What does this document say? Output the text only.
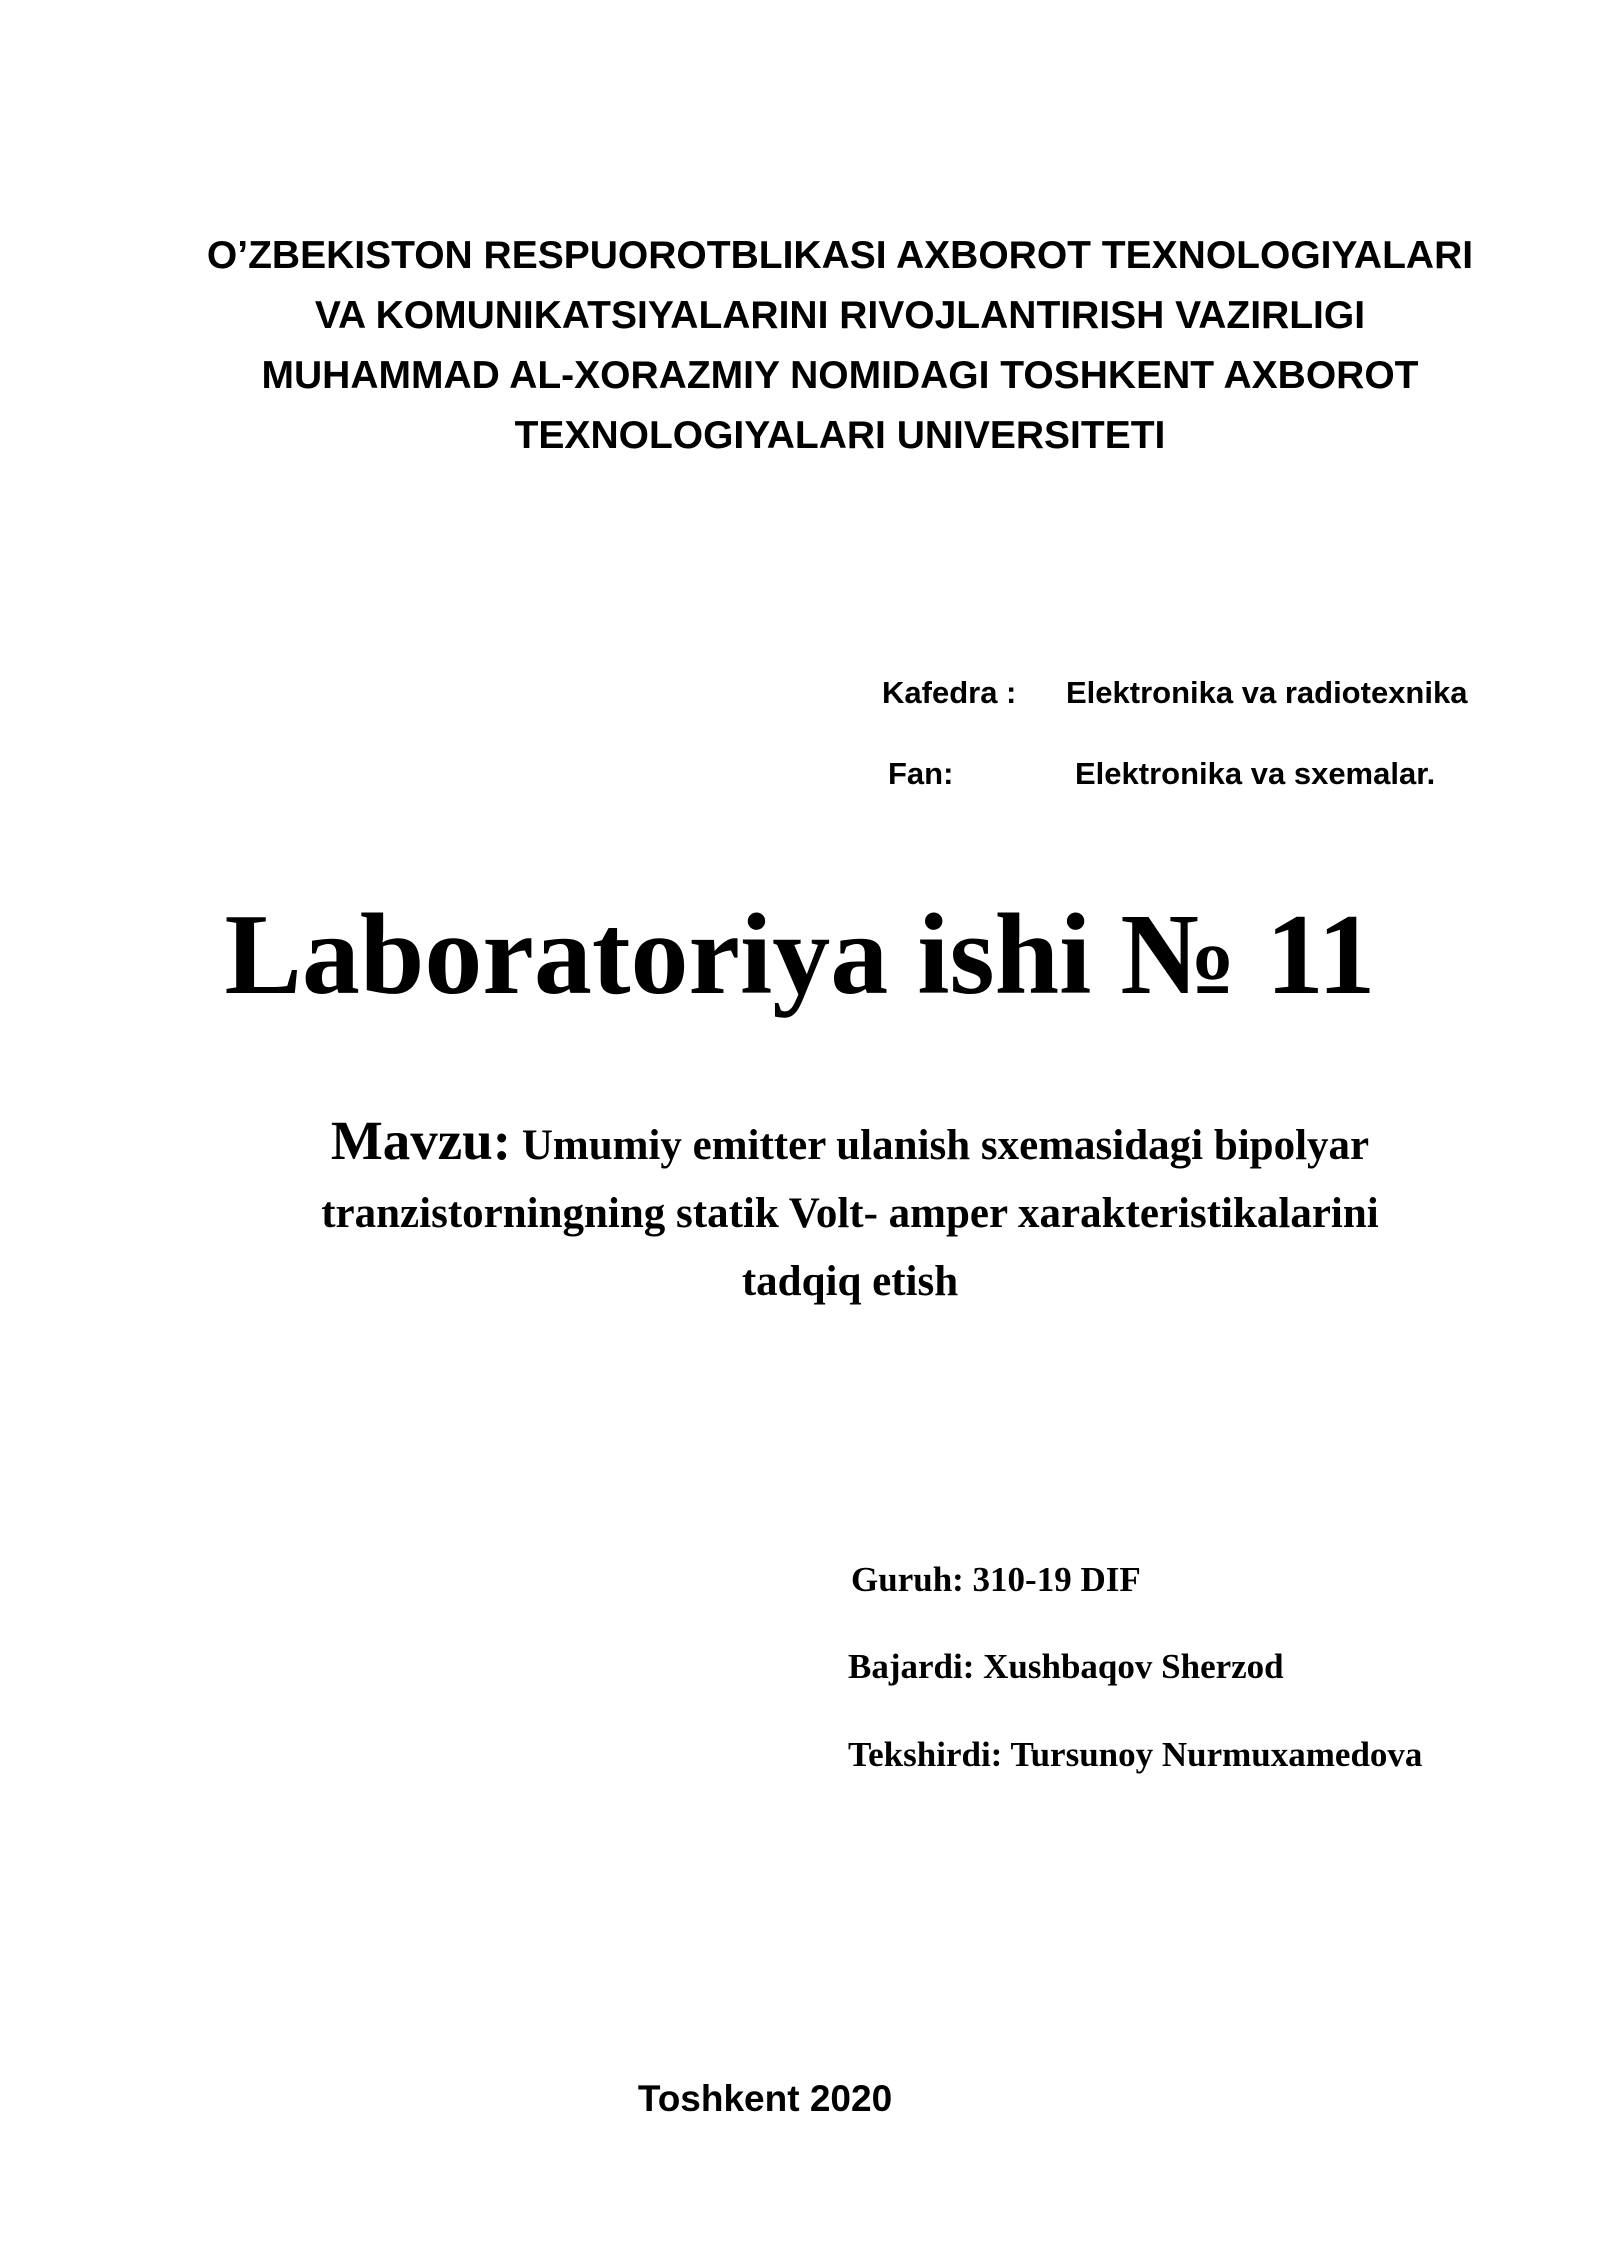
O’ZBEKISTON RESPUOROTBLIKASI AXBOROT TEXNOLOGIYALARI
VA KOMUNIKATSIYALARINI RIVOJLANTIRISH VAZIRLIGI
MUHAMMAD AL-XORAZMIY NOMIDAGI TOSHKENT AXBOROT
TEXNOLOGIYALARI UNIVERSITETI
Kafedra : Elektronika va radiotexnika
Fan:	Elektronika va sxemalar.
Laboratoriya ishi № 11
Mavzu: Umumiy emitter ulanish sxemasidagi bipolyar
tranzistorningning statik Volt- amper xarakteristikalarini
tadqiq etish
Guruh: 310-19 DIF
Bajardi: Xushbaqov Sherzod
Tekshirdi: Tursunoy Nurmuxamedova
Toshkent 2020
